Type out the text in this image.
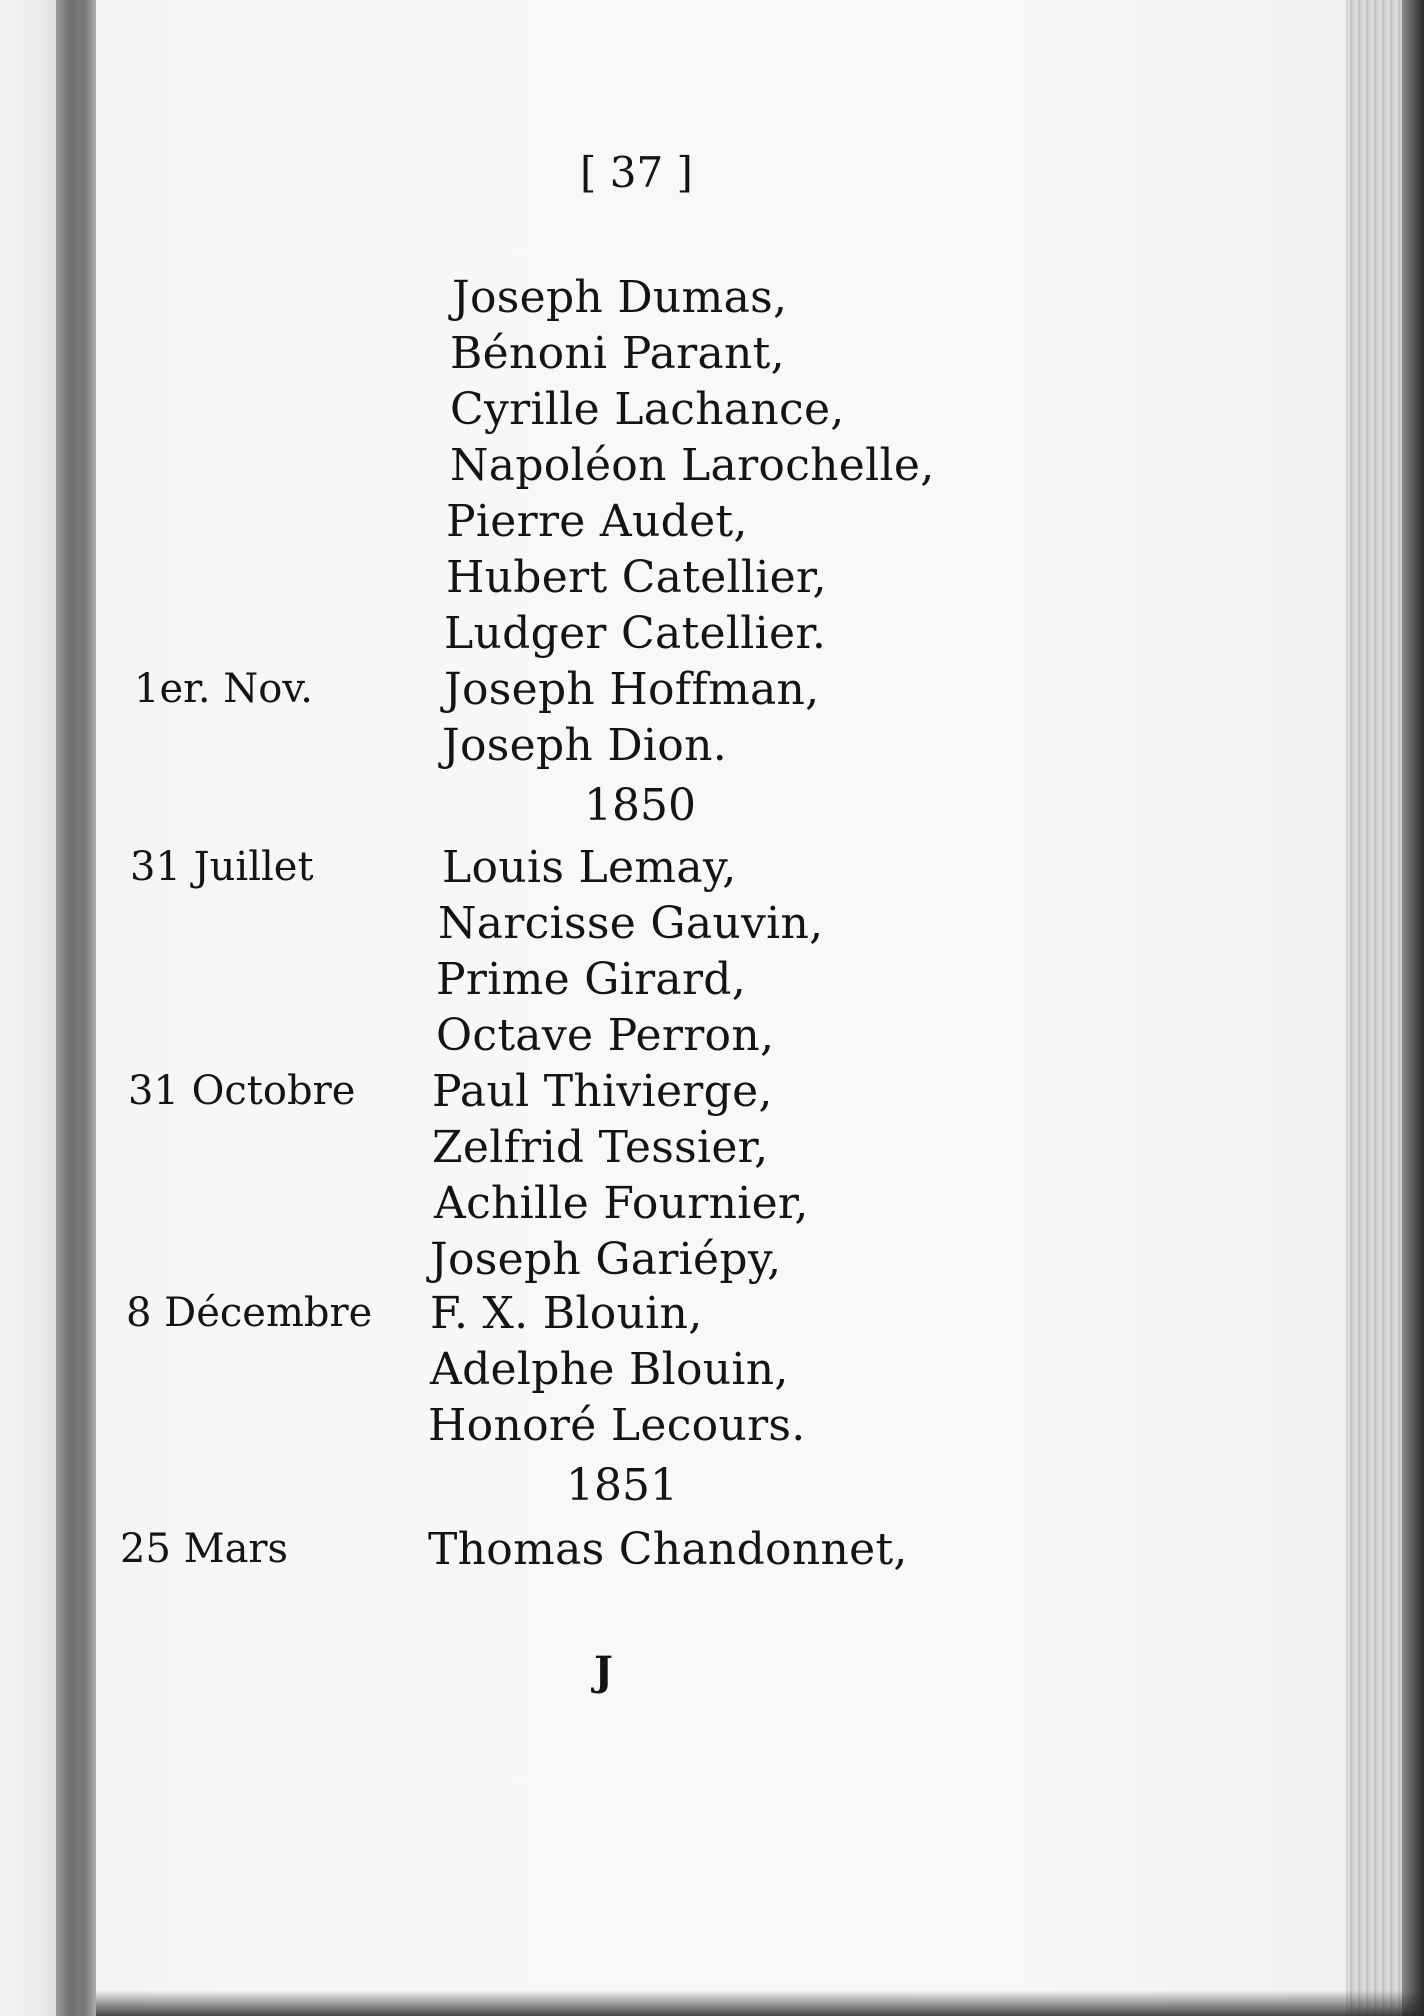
[ 37 ]
Joseph Dumas,
Bénoni Parant,
Cyrille Lachance,
Napoléon Larochelle,
Pierre Audet,
Hubert Catellier,
Ludger Catellier.
1er. Nov.	Joseph Hoffman,
Joseph Dion.
1850
31 Juillet	Louis Lemay,
Narcisse Gauvin,
Prime Girard,
Octave Perron,
31 Octobre Paul Thivierge,
Zelfrid Tessier,
Achille Fournier,
Joseph Gariépy,
8 Décembre F. X. Blouin,
Adelphe Blouin,
Honoré Lecours.
1851
25 Mars	Thomas Chandonnet,
J
